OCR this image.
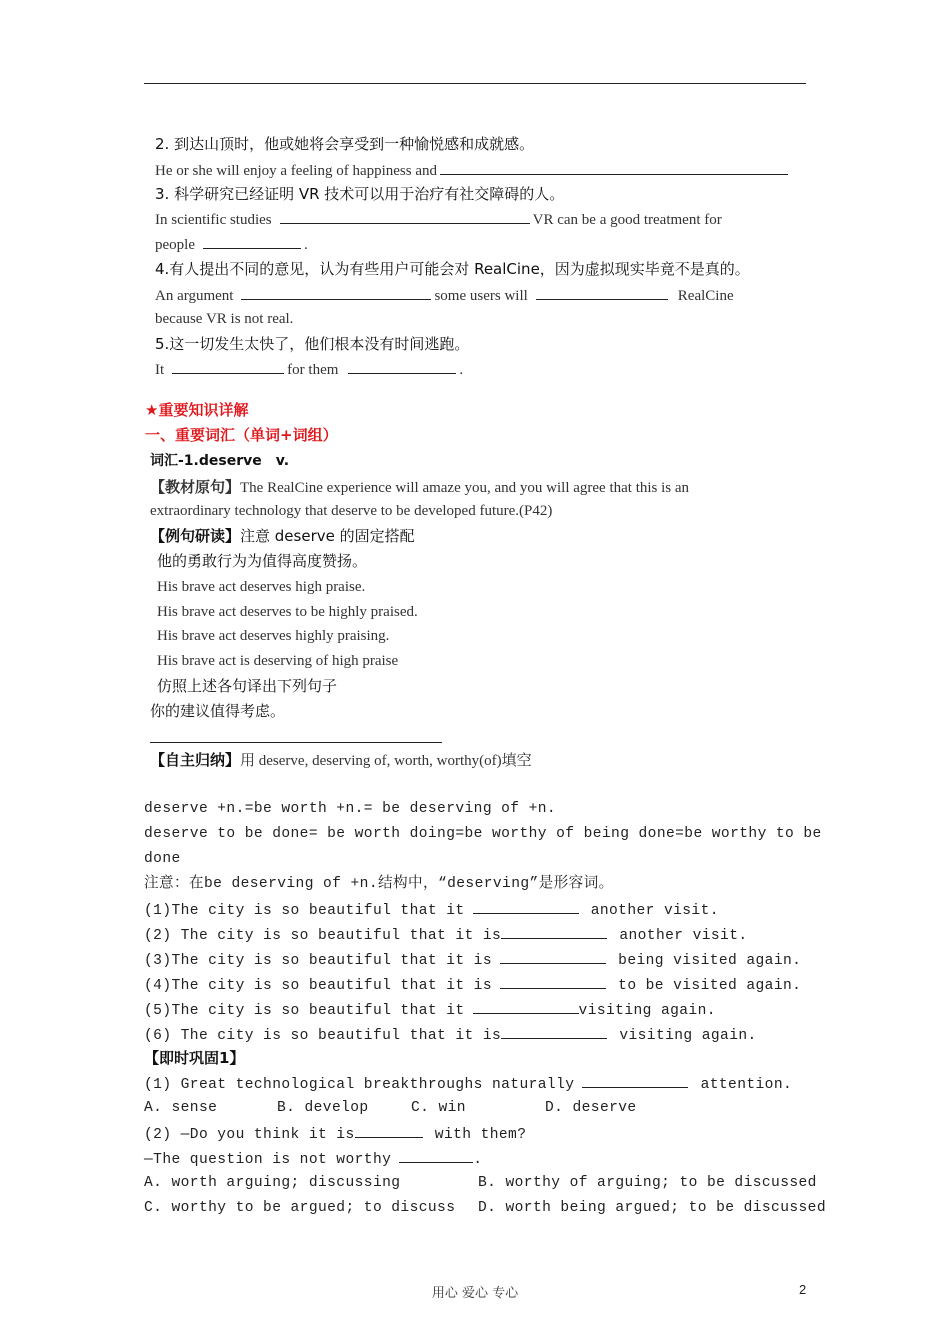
2. 到达山顶时，他或她将会享受到一种愉悦感和成就感。
He or she will enjoy a feeling of happiness and
3. 科学研究已经证明 VR 技术可以用于治疗有社交障碍的人。
In scientific studies	VR can be a good treatment for
people	.
4.有人提出不同的意见，认为有些用户可能会对 RealCine，因为虚拟现实毕竟不是真的。
An argument	some users will	RealCine
because VR is not real.
5.这一切发生太快了，他们根本没有时间逃跑。
It	for them	.
★重要知识详解
一、重要词汇（单词+词组）
词汇-1.deserve　v.
【教材原句】The RealCine experience will amaze you, and you will agree that this is an
extraordinary technology that deserve to be developed future.(P42)
【例句研读】注意 deserve 的固定搭配
他的勇敢行为为值得高度赞扬。
His brave act deserves high praise.
His brave act deserves to be highly praised.
His brave act deserves highly praising.
His brave act is deserving of high praise
仿照上述各句译出下列句子
你的建议值得考虑。
【自主归纳】用 deserve, deserving of, worth, worthy(of)填空
deserve +n.=be worth +n.= be deserving of +n.
deserve to be done= be worth doing=be worthy of being done=be worthy to be
done
注意：在be deserving of +n.结构中，“deserving”是形容词。
(1)The city is so beautiful that it	another visit.
(2) The city is so beautiful that it is	another visit.
(3)The city is so beautiful that it is	being visited again.
(4)The city is so beautiful that it is	to be visited again.
(5)The city is so beautiful that it	visiting again.
(6) The city is so beautiful that it is	visiting again.
【即时巩固1】
(1) Great technological breakthroughs naturally	attention.
A. sense	B. develop	C. win	D. deserve
(2) —Do you think it is	with them?
—The question is not worthy	.
A. worth arguing; discussing	B. worthy of arguing; to be discussed
C. worthy to be argued; to discuss D. worth being argued; to be discussed
用心 爱心 专心	2
